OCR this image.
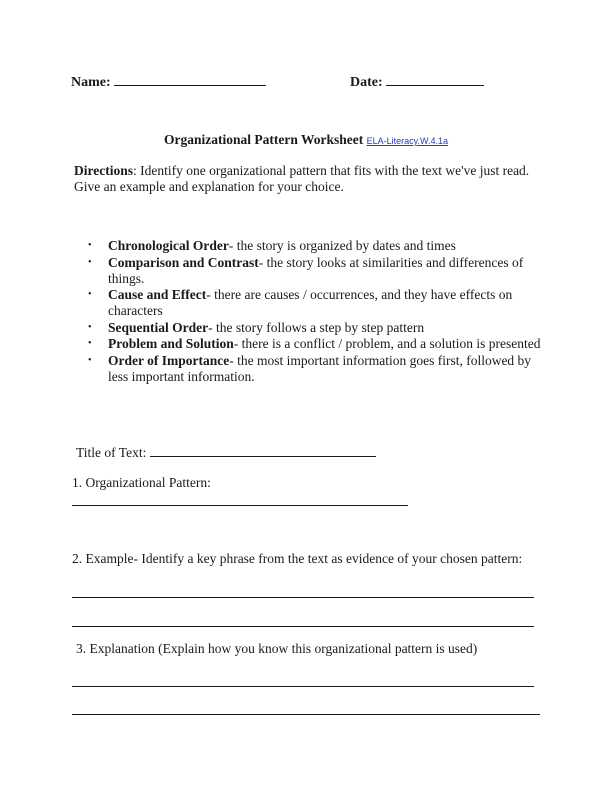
Name:	Date:
Organizational Pattern Worksheet ELA-Literacy.W.4.1a
Directions: Identify one organizational pattern that fits with the text we've just read. Give an example and explanation for your choice.
• Chronological Order- the story is organized by dates and times
• Comparison and Contrast- the story looks at similarities and differences of things.
• Cause and Effect- there are causes / occurrences, and they have effects on characters
• Sequential Order- the story follows a step by step pattern
• Problem and Solution- there is a conflict / problem, and a solution is presented
• Order of Importance- the most important information goes first, followed by less important information.
Title of Text:
1. Organizational Pattern:
2. Example- Identify a key phrase from the text as evidence of your chosen pattern:
3. Explanation (Explain how you know this organizational pattern is used)
